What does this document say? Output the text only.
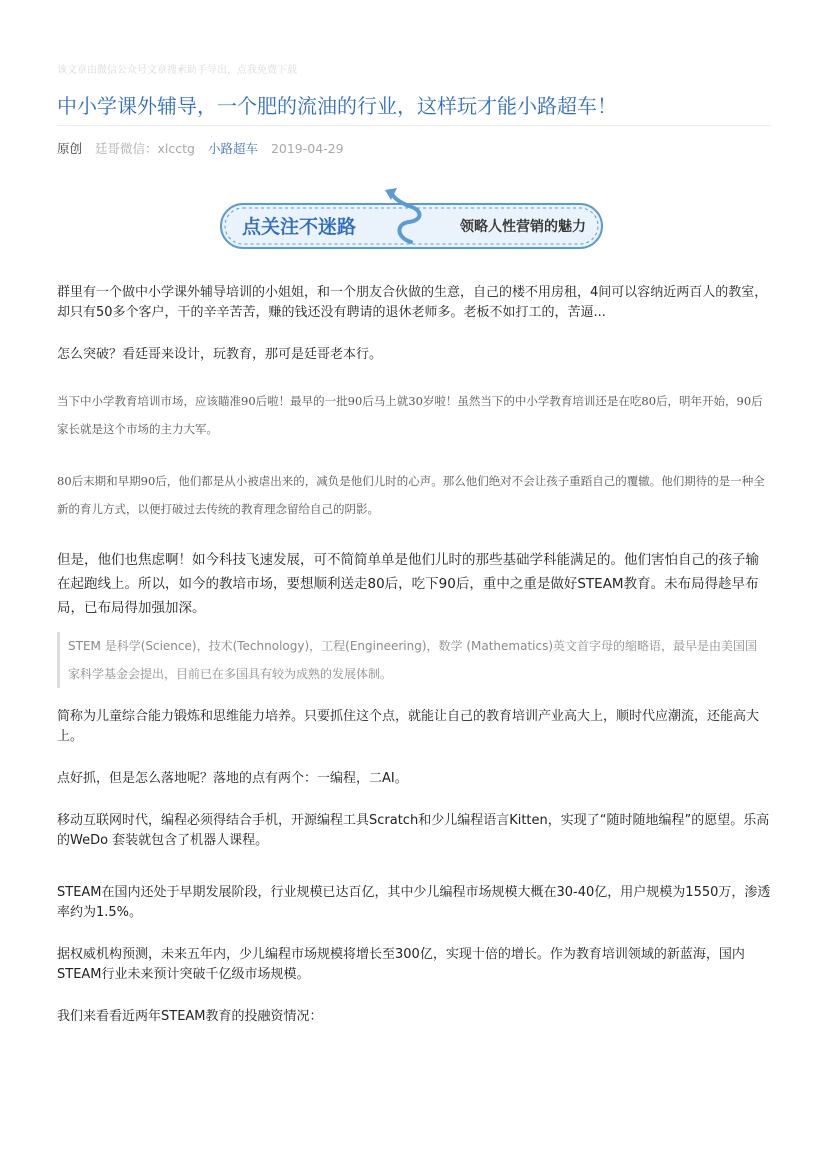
该文章由微信公众号文章搜索助手导出，点我免费下载
中小学课外辅导，一个肥的流油的行业，这样玩才能小路超车！
原创 廷哥微信：xlcctg 小路超车 2019-04-29
点关注不迷路	领略人性营销的魅力

群里有一个做中小学课外辅导培训的小姐姐，和一个朋友合伙做的生意，自己的楼不用房租，4间可以容纳近两百人的教室，却只有50多个客户，干的辛辛苦苦，赚的钱还没有聘请的退休老师多。老板不如打工的，苦逼...

怎么突破？看廷哥来设计，玩教育，那可是廷哥老本行。

当下中小学教育培训市场，应该瞄准90后啦！最早的一批90后马上就30岁啦！虽然当下的中小学教育培训还是在吃80后，明年开始，90后家长就是这个市场的主力大军。

80后末期和早期90后，他们都是从小被虐出来的，减负是他们儿时的心声。那么他们绝对不会让孩子重蹈自己的覆辙。他们期待的是一种全新的育儿方式，以便打破过去传统的教育理念留给自己的阴影。

但是，他们也焦虑啊！如今科技飞速发展，可不简简单单是他们儿时的那些基础学科能满足的。他们害怕自己的孩子输在起跑线上。所以，如今的教培市场，要想顺利送走80后，吃下90后，重中之重是做好STEAM教育。未布局得趁早布局，已布局得加强加深。

STEM 是科学(Science)，技术(Technology)，工程(Engineering)，数学 (Mathematics)英文首字母的缩略语，最早是由美国国家科学基金会提出，目前已在多国具有较为成熟的发展体制。

简称为儿童综合能力锻炼和思维能力培养。只要抓住这个点，就能让自己的教育培训产业高大上，顺时代应潮流，还能高大上。

点好抓，但是怎么落地呢？落地的点有两个：一编程，二AI。

移动互联网时代，编程必须得结合手机，开源编程工具Scratch和少儿编程语言Kitten，实现了“随时随地编程”的愿望。乐高的WeDo 套装就包含了机器人课程。

STEAM在国内还处于早期发展阶段，行业规模已达百亿，其中少儿编程市场规模大概在30-40亿，用户规模为1550万，渗透率约为1.5%。

据权威机构预测，未来五年内，少儿编程市场规模将增长至300亿，实现十倍的增长。作为教育培训领域的新蓝海，国内STEAM行业未来预计突破千亿级市场规模。

我们来看看近两年STEAM教育的投融资情况：
